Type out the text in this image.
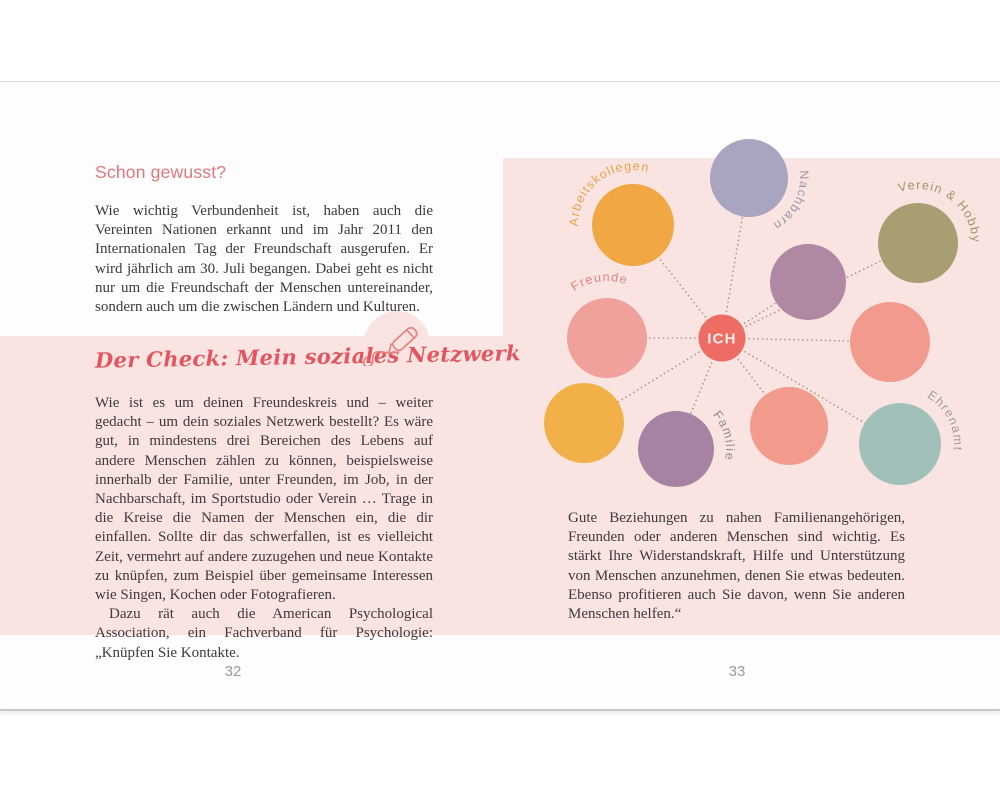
Schon gewusst?
Wie wichtig Verbundenheit ist, haben auch die Vereinten Nationen erkannt und im Jahr 2011 den Internationalen Tag der Freundschaft ausgerufen. Er wird jährlich am 30. Juli begangen. Dabei geht es nicht nur um die Freundschaft der Menschen untereinander, sondern auch um die zwischen Ländern und Kulturen.
Der Check: Mein soziales Netzwerk

Wie ist es um deinen Freundeskreis und – weiter gedacht – um dein soziales Netzwerk bestellt? Es wäre gut, in mindestens drei Bereichen des Lebens auf andere Menschen zählen zu können, beispielsweise innerhalb der Familie, unter Freunden, im Job, in der Nachbarschaft, im Sportstudio oder Verein … Trage in die Kreise die Namen der Menschen ein, die dir einfallen. Sollte dir das schwerfallen, ist es vielleicht Zeit, vermehrt auf andere zuzugehen und neue Kontakte zu knüpfen, zum Beispiel über gemeinsame Interessen wie Singen, Kochen oder Fotografieren.

Dazu rät auch die American Psychological Association, ein Fachverband für Psychologie: „Knüpfen Sie Kontakte.

32
Arbeitskollegen
Nachbarn
Verein & Hobby
Freunde
Familie
Ehrenamt
ICH
Gute Beziehungen zu nahen Familienangehörigen, Freunden oder anderen Menschen sind wichtig. Es stärkt Ihre Widerstandskraft, Hilfe und Unterstützung von Menschen anzunehmen, denen Sie etwas bedeuten. Ebenso profitieren auch Sie davon, wenn Sie anderen Menschen helfen.“
33
